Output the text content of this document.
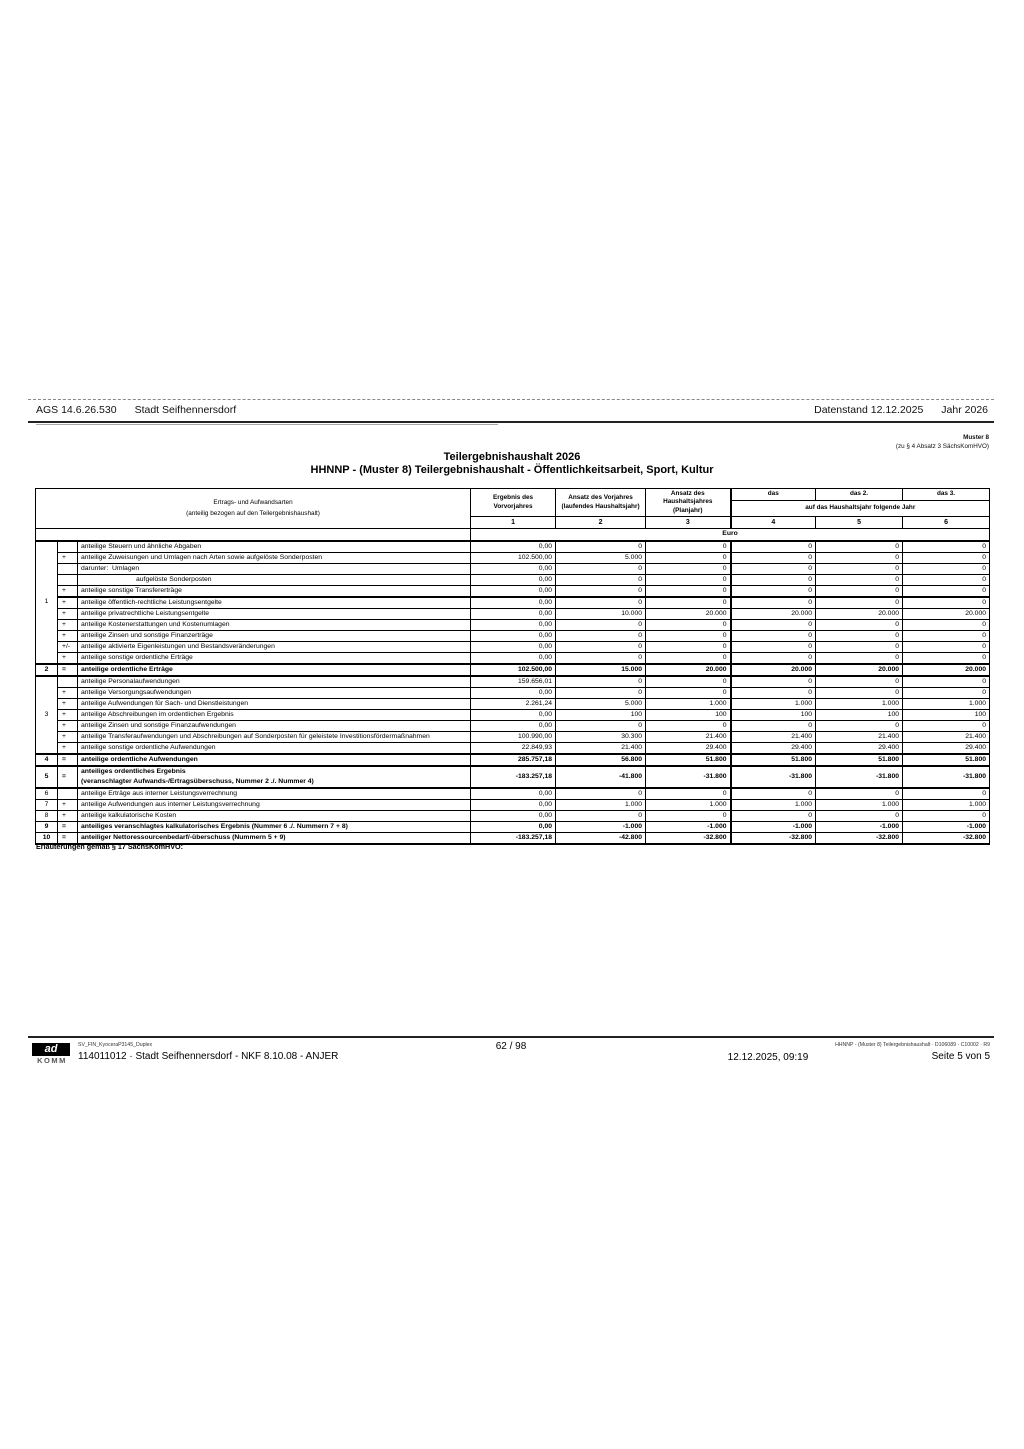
AGS 14.6.26.530 Stadt Seifhennersdorf	Datenstand 12.12.2025 Jahr 2026
Muster 8
(zu § 4 Absatz 3 SächsKomHVO)
Teilergebnishaushalt 2026
HHNNP - (Muster 8) Teilergebnishaushalt - Öffentlichkeitsarbeit, Sport, Kultur
Ertrags- und Aufwandsarten
(anteilig bezogen auf den Teilergebnishaushalt)			Ergebnis des Vorvorjahres	Ansatz des Vorjahres (laufendes Haushaltsjahr)	Ansatz des Haushaltsjahres (Planjahr)	das	das 2.	das 3.
						auf das Haushaltsjahr folgende Jahr		
			1	2	3	4	5	6
			Euro					
1		anteilige Steuern und ähnliche Abgaben	0,00	0	0	0	0	0
	+	anteilige Zuweisungen und Umlagen nach Arten sowie aufgelöste Sonderposten	102.500,00	5.000	0	0	0	0

		darunter:  Umlagen	0,00	0	0	0	0	0

		aufgelöste Sonderposten	0,00	0	0	0	0	0
	+	anteilige sonstige Transfererträge	0,00	0	0	0	0	0
	+	anteilige öffentlich-rechtliche Leistungsentgelte	0,00	0	0	0	0	0
	+	anteilige privatrechtliche Leistungsentgelte	0,00	10.000	20.000	20.000	20.000	20.000
	+	anteilige Kostenerstattungen und Kostenumlagen	0,00	0	0	0	0	0
	+	anteilige Zinsen und sonstige Finanzerträge	0,00	0	0	0	0	0
	+/-	anteilige aktivierte Eigenleistungen und Bestandsveränderungen	0,00	0	0	0	0	0
	+	anteilige sonstige ordentliche Erträge	0,00	0	0	0	0	0
2	=	anteilige ordentliche Erträge	102.500,00	15.000	20.000	20.000	20.000	20.000
3		anteilige Personalaufwendungen	159.656,01	0	0	0	0	0
	+	anteilige Versorgungsaufwendungen	0,00	0	0	0	0	0
	+	anteilige Aufwendungen für Sach- und Dienstleistungen	2.261,24	5.000	1.000	1.000	1.000	1.000
	+	anteilige Abschreibungen im ordentlichen Ergebnis	0,00	100	100	100	100	100
	+	anteilige Zinsen und sonstige Finanzaufwendungen	0,00	0	0	0	0	0
	+	anteilige Transferaufwendungen und Abschreibungen auf Sonderposten für geleistete Investitionsfördermaßnahmen	100.990,00	30.300	21.400	21.400	21.400	21.400
	+	anteilige sonstige ordentliche Aufwendungen	22.849,93	21.400	29.400	29.400	29.400	29.400
4	=	anteilige ordentliche Aufwendungen	285.757,18	56.800	51.800	51.800	51.800	51.800
5	=	anteiliges ordentliches Ergebnis
(veranschlagter Aufwands-/Ertragsüberschuss, Nummer 2 ./. Nummer 4)	-183.257,18	-41.800	-31.800	-31.800	-31.800	-31.800
6		anteilige Erträge aus interner Leistungsverrechnung	0,00	0	0	0	0	0
7	+	anteilige Aufwendungen aus interner Leistungsverrechnung	0,00	1.000	1.000	1.000	1.000	1.000
8	+	anteilige kalkulatorische Kosten	0,00	0	0	0	0	0
9	=	anteiliges veranschlagtes kalkulatorisches Ergebnis (Nummer 6 ./. Nummern 7 + 8)	0,00	-1.000	-1.000	-1.000	-1.000	-1.000
10	=	anteiliger Nettoressourcenbedarf/-überschuss (Nummern 5 + 9)	-183.257,18	-42.800	-32.800	-32.800	-32.800	-32.800
Erläuterungen gemäß § 17 SächsKomHVO:
ad
KOMM
SV_FIN_KyoceraP3145_Duplex
114011012 · Stadt Seifhennersdorf - NKF 8.10.08 - ANJER
62 / 98
12.12.2025, 09:19
HHNNP - (Muster 8) Teilergebnishaushalt · D106089 · C10002 · R9
Seite 5 von 5
